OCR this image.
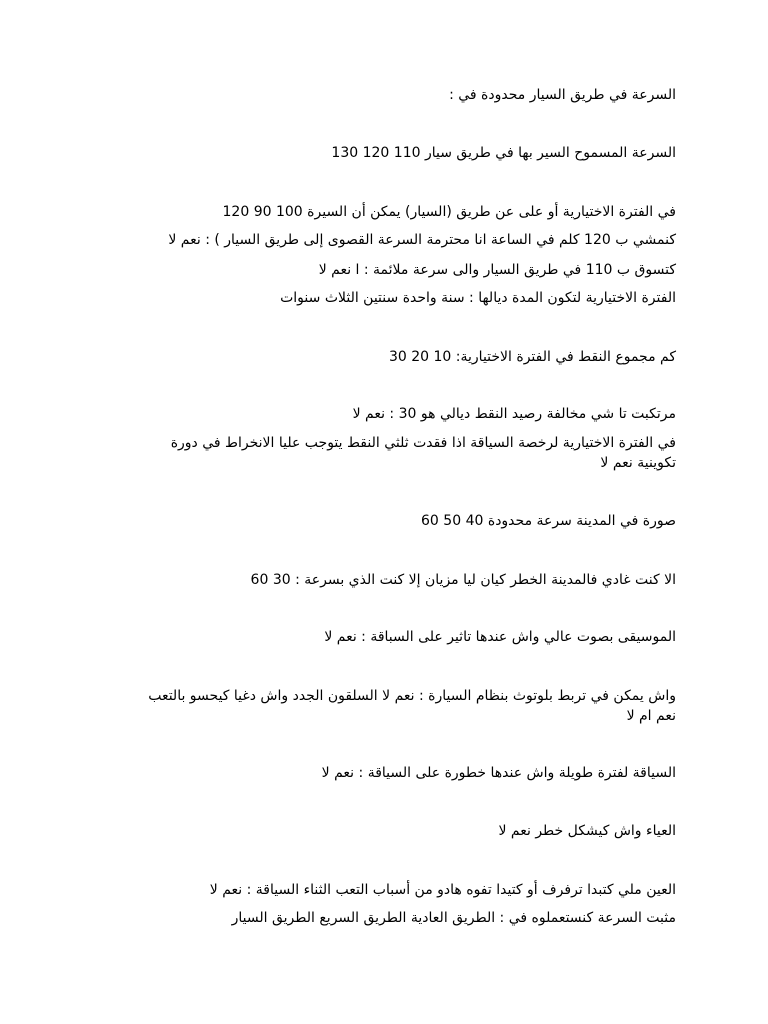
السرعة في طريق السيار محدودة في :
السرعة المسموح السير بها في طريق سيار 110 120 130
في الفترة الاختيارية أو على عن طريق (السيار) يمكن أن السيرة 100 90 120
كنمشي ب 120 كلم في الساعة انا محترمة السرعة القصوى إلى طريق السيار ) : نعم لا
كتسوق ب 110 في طريق السيار والى سرعة ملائمة : ا نعم لا
الفترة الاختيارية لتكون المدة ديالها : سنة واحدة سنتين الثلاث سنوات
كم مجموع النقط في الفترة الاختيارية: 10 20 30
مرتكبت تا شي مخالفة رصيد النقط ديالي هو 30 : نعم لا
في الفترة الاختيارية لرخصة السياقة اذا فقدت ثلثي النقط يتوجب عليا الانخراط في دورة
تكوينية نعم لا
صورة في المدينة سرعة محدودة 40 50 60
الا كنت غادي فالمدينة الخطر كيان ليا مزيان إلا كنت الذي بسرعة : 30 60
الموسيقى بصوت عالي واش عندها تاثير على السباقة : نعم لا
واش يمكن في تربط بلوتوث بنظام السيارة : نعم لا السلقون الجدد واش دغيا كيحسو بالتعب
نعم ام لا
السياقة لفترة طويلة واش عندها خطورة على السياقة : نعم لا
العياء واش كيشكل خطر نعم لا
العين ملي كتبدا ترفرف أو كتيدا تفوه هادو من أسباب التعب الثناء السياقة : نعم لا
مثبت السرعة كنستعملوه في : الطريق العادية الطريق السريع الطريق السيار
